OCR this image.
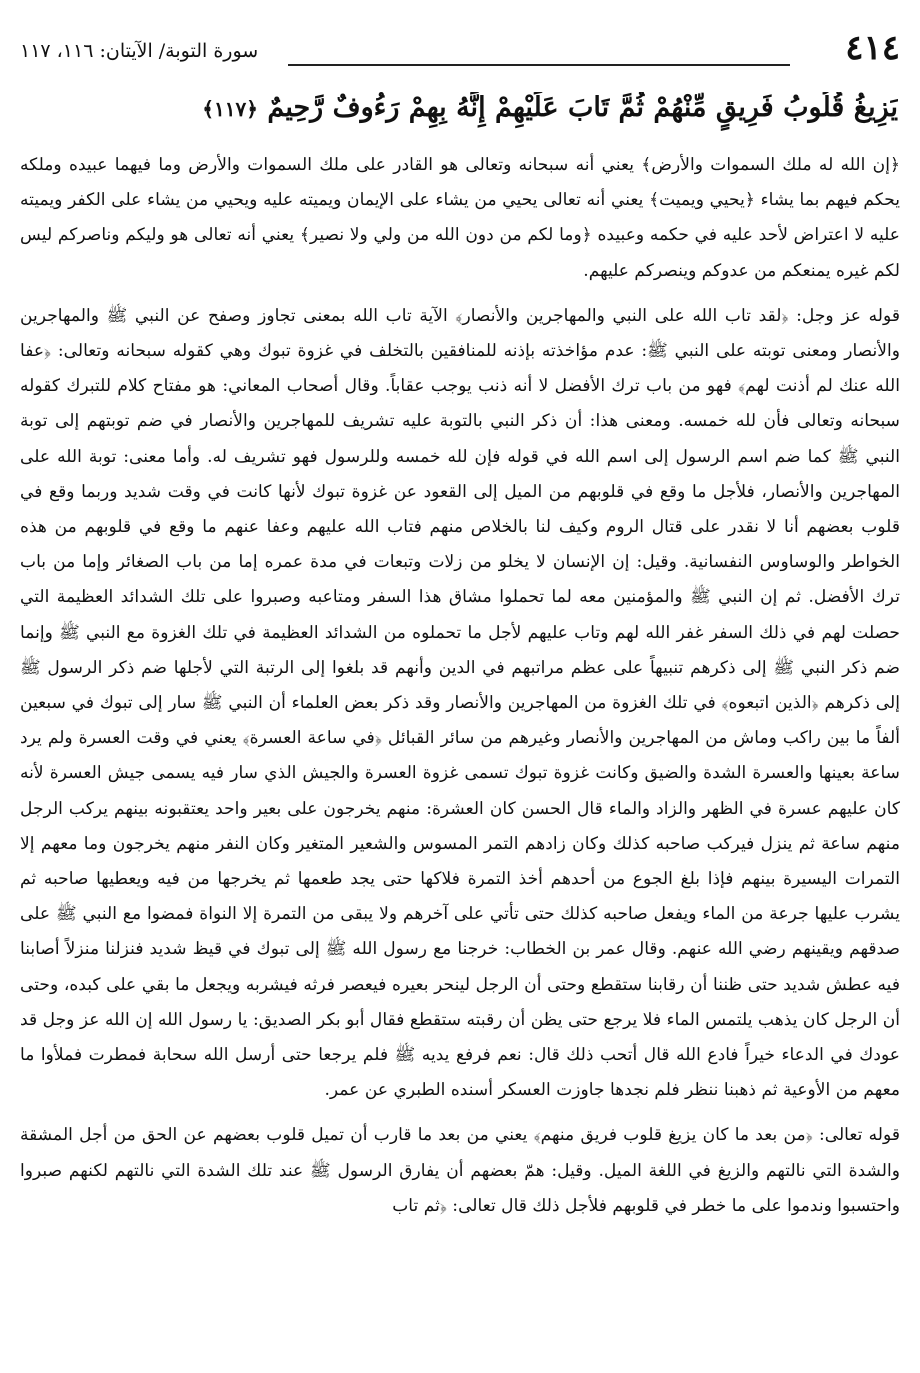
٤١٤
سورة التوبة/ الآيتان: ١١٦، ١١٧
يَزِيغُ قُلُوبُ فَرِيقٍ مِّنْهُمْ ثُمَّ تَابَ عَلَيْهِمْ إِنَّهُ بِهِمْ رَءُوفٌ رَّحِيمٌ ﴿١١٧﴾

﴿إن الله له ملك السموات والأرض﴾ يعني أنه سبحانه وتعالى هو القادر على ملك السموات والأرض وما فيهما عبيده وملكه يحكم فيهم بما يشاء ﴿يحيي ويميت﴾ يعني أنه تعالى يحيي من يشاء على الإيمان ويميته عليه ويحيي من يشاء على الكفر ويميته عليه لا اعتراض لأحد عليه في حكمه وعبيده ﴿وما لكم من دون الله من ولي ولا نصير﴾ يعني أنه تعالى هو وليكم وناصركم ليس لكم غيره يمنعكم من عدوكم وينصركم عليهم.

قوله عز وجل: ﴿لقد تاب الله على النبي والمهاجرين والأنصار﴾ الآية تاب الله بمعنى تجاوز وصفح عن النبي ﷺ والمهاجرين والأنصار ومعنى توبته على النبي ﷺ: عدم مؤاخذته بإذنه للمنافقين بالتخلف في غزوة تبوك وهي كقوله سبحانه وتعالى: ﴿عفا الله عنك لم أذنت لهم﴾ فهو من باب ترك الأفضل لا أنه ذنب يوجب عقاباً. وقال أصحاب المعاني: هو مفتاح كلام للتبرك كقوله سبحانه وتعالى فأن لله خمسه. ومعنى هذا: أن ذكر النبي بالتوبة عليه تشريف للمهاجرين والأنصار في ضم توبتهم إلى توبة النبي ﷺ كما ضم اسم الرسول إلى اسم الله في قوله فإن لله خمسه وللرسول فهو تشريف له. وأما معنى: توبة الله على المهاجرين والأنصار، فلأجل ما وقع في قلوبهم من الميل إلى القعود عن غزوة تبوك لأنها كانت في وقت شديد وربما وقع في قلوب بعضهم أنا لا نقدر على قتال الروم وكيف لنا بالخلاص منهم فتاب الله عليهم وعفا عنهم ما وقع في قلوبهم من هذه الخواطر والوساوس النفسانية. وقيل: إن الإنسان لا يخلو من زلات وتبعات في مدة عمره إما من باب الصغائر وإما من باب ترك الأفضل. ثم إن النبي ﷺ والمؤمنين معه لما تحملوا مشاق هذا السفر ومتاعبه وصبروا على تلك الشدائد العظيمة التي حصلت لهم في ذلك السفر غفر الله لهم وتاب عليهم لأجل ما تحملوه من الشدائد العظيمة في تلك الغزوة مع النبي ﷺ وإنما ضم ذكر النبي ﷺ إلى ذكرهم تنبيهاً على عظم مراتبهم في الدين وأنهم قد بلغوا إلى الرتبة التي لأجلها ضم ذكر الرسول ﷺ إلى ذكرهم ﴿الذين اتبعوه﴾ في تلك الغزوة من المهاجرين والأنصار وقد ذكر بعض العلماء أن النبي ﷺ سار إلى تبوك في سبعين ألفاً ما بين راكب وماش من المهاجرين والأنصار وغيرهم من سائر القبائل ﴿في ساعة العسرة﴾ يعني في وقت العسرة ولم يرد ساعة بعينها والعسرة الشدة والضيق وكانت غزوة تبوك تسمى غزوة العسرة والجيش الذي سار فيه يسمى جيش العسرة لأنه كان عليهم عسرة في الظهر والزاد والماء قال الحسن كان العشرة: منهم يخرجون على بعير واحد يعتقبونه بينهم يركب الرجل منهم ساعة ثم ينزل فيركب صاحبه كذلك وكان زادهم التمر المسوس والشعير المتغير وكان النفر منهم يخرجون وما معهم إلا التمرات اليسيرة بينهم فإذا بلغ الجوع من أحدهم أخذ التمرة فلاكها حتى يجد طعمها ثم يخرجها من فيه ويعطيها صاحبه ثم يشرب عليها جرعة من الماء ويفعل صاحبه كذلك حتى تأتي على آخرهم ولا يبقى من التمرة إلا النواة فمضوا مع النبي ﷺ على صدقهم ويقينهم رضي الله عنهم. وقال عمر بن الخطاب: خرجنا مع رسول الله ﷺ إلى تبوك في قيظ شديد فنزلنا منزلاً أصابنا فيه عطش شديد حتى ظننا أن رقابنا ستقطع وحتى أن الرجل لينحر بعيره فيعصر فرثه فيشربه ويجعل ما بقي على كبده، وحتى أن الرجل كان يذهب يلتمس الماء فلا يرجع حتى يظن أن رقبته ستقطع فقال أبو بكر الصديق: يا رسول الله إن الله عز وجل قد عودك في الدعاء خيراً فادع الله قال أتحب ذلك قال: نعم فرفع يديه ﷺ فلم يرجعا حتى أرسل الله سحابة فمطرت فملأوا ما معهم من الأوعية ثم ذهبنا ننظر فلم نجدها جاوزت العسكر أسنده الطبري عن عمر.

قوله تعالى: ﴿من بعد ما كان يزيغ قلوب فريق منهم﴾ يعني من بعد ما قارب أن تميل قلوب بعضهم عن الحق من أجل المشقة والشدة التي نالتهم والزيغ في اللغة الميل. وقيل: همّ بعضهم أن يفارق الرسول ﷺ عند تلك الشدة التي نالتهم لكنهم صبروا واحتسبوا وندموا على ما خطر في قلوبهم فلأجل ذلك قال تعالى: ﴿ثم تاب
